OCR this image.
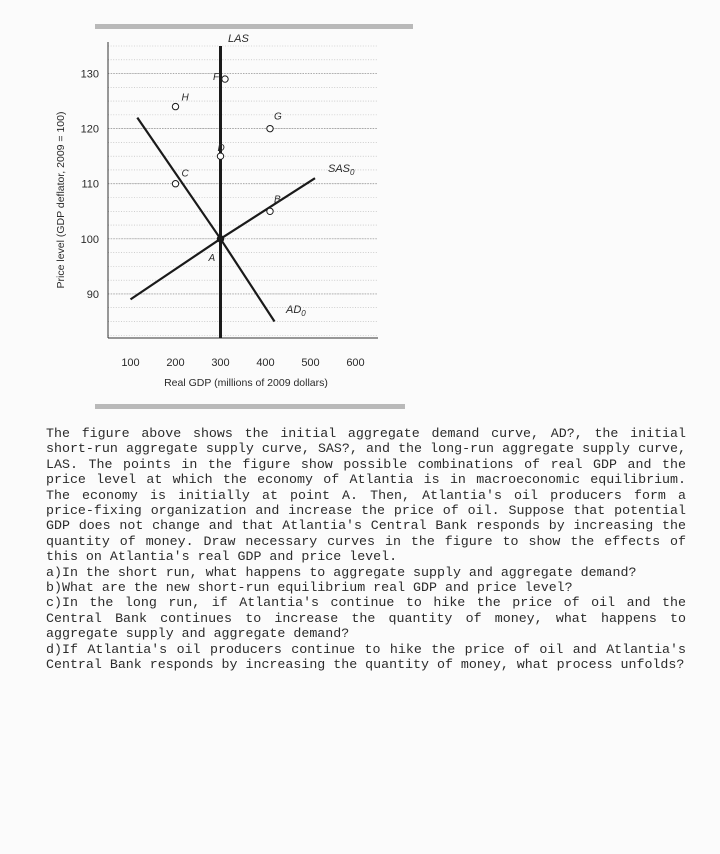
90
100
110
120
130
100 200 300 400 500 600
Real GDP (millions of 2009 dollars)
Price level (GDP deflator, 2009 = 100)
LAS
$SAS_0$
$AD_0$
A
B
C
D
F
G
H

The figure above shows the initial aggregate demand curve, AD?, the initial short-run aggregate supply curve, SAS?, and the long-run aggregate supply curve, LAS. The points in the figure show possible combinations of real GDP and the price level at which the economy of Atlantia is in macroeconomic equilibrium. The economy is initially at point A. Then, Atlantia's oil producers form a price-fixing organization and increase the price of oil. Suppose that potential GDP does not change and that Atlantia's Central Bank responds by increasing the quantity of money. Draw necessary curves in the figure to show the effects of this on Atlantia's real GDP and price level.

a)In the short run, what happens to aggregate supply and aggregate demand?

b)What are the new short-run equilibrium real GDP and price level?

c)In the long run, if Atlantia's continue to hike the price of oil and the Central Bank continues to increase the quantity of money, what happens to aggregate supply and aggregate demand?

d)If Atlantia's oil producers continue to hike the price of oil and Atlantia's Central Bank responds by increasing the quantity of money, what process unfolds?
